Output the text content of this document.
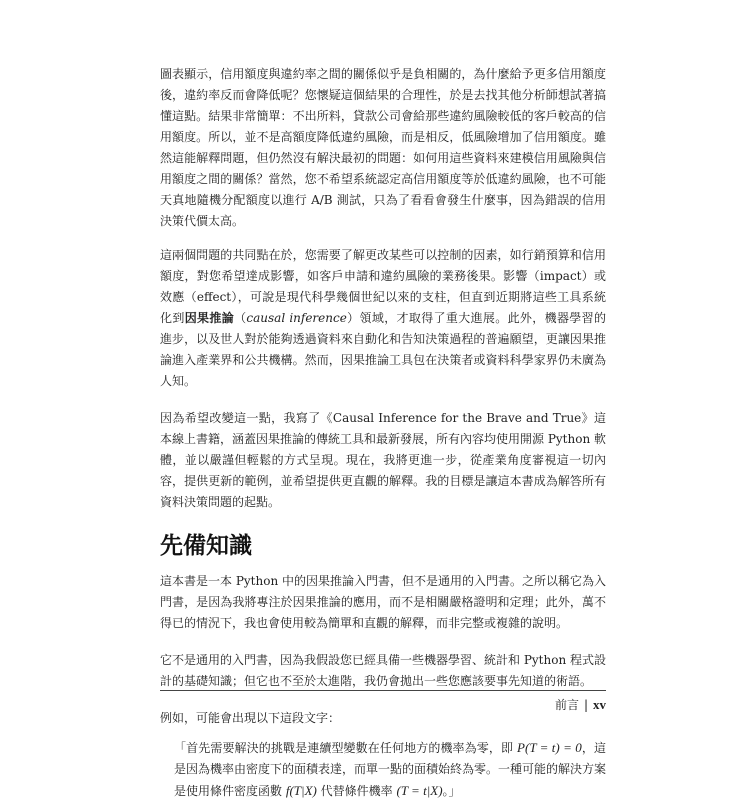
圖表顯示，信用額度與違約率之間的關係似乎是負相關的，為什麼給予更多信用額度後，違約率反而會降低呢？您懷疑這個結果的合理性，於是去找其他分析師想試著搞懂這點。結果非常簡單：不出所料，貸款公司會給那些違約風險較低的客戶較高的信用額度。所以，並不是高額度降低違約風險，而是相反，低風險增加了信用額度。雖然這能解釋問題，但仍然沒有解決最初的問題：如何用這些資料來建模信用風險與信用額度之間的關係？當然，您不希望系統認定高信用額度等於低違約風險，也不可能天真地隨機分配額度以進行 A/B 測試，只為了看看會發生什麼事，因為錯誤的信用決策代價太高。

這兩個問題的共同點在於，您需要了解更改某些可以控制的因素，如行銷預算和信用額度，對您希望達成影響，如客戶申請和違約風險的業務後果。影響（impact）或效應（effect），可說是現代科學幾個世紀以來的支柱，但直到近期將這些工具系統化到因果推論（causal inference）領域，才取得了重大進展。此外，機器學習的進步，以及世人對於能夠透過資料來自動化和告知決策過程的普遍願望，更讓因果推論進入產業界和公共機構。然而，因果推論工具包在決策者或資料科學家界仍未廣為人知。

因為希望改變這一點，我寫了《Causal Inference for the Brave and True》這本線上書籍，涵蓋因果推論的傳統工具和最新發展，所有內容均使用開源 Python 軟體，並以嚴謹但輕鬆的方式呈現。現在，我將更進一步，從產業角度審視這一切內容，提供更新的範例，並希望提供更直觀的解釋。我的目標是讓這本書成為解答所有資料決策問題的起點。

先備知識

這本書是一本 Python 中的因果推論入門書，但不是通用的入門書。之所以稱它為入門書，是因為我將專注於因果推論的應用，而不是相關嚴格證明和定理；此外，萬不得已的情況下，我也會使用較為簡單和直觀的解釋，而非完整或複雜的說明。

它不是通用的入門書，因為我假設您已經具備一些機器學習、統計和 Python 程式設計的基礎知識；但它也不至於太進階，我仍會拋出一些您應該要事先知道的術語。

例如，可能會出現以下這段文字：

「首先需要解決的挑戰是連續型變數在任何地方的機率為零，即 P(T = t) = 0，這是因為機率由密度下的面積表達，而單一點的面積始終為零。一種可能的解決方案是使用條件密度函數 f(T|X) 代替條件機率 (T = t|X)。」
前言 | xv
